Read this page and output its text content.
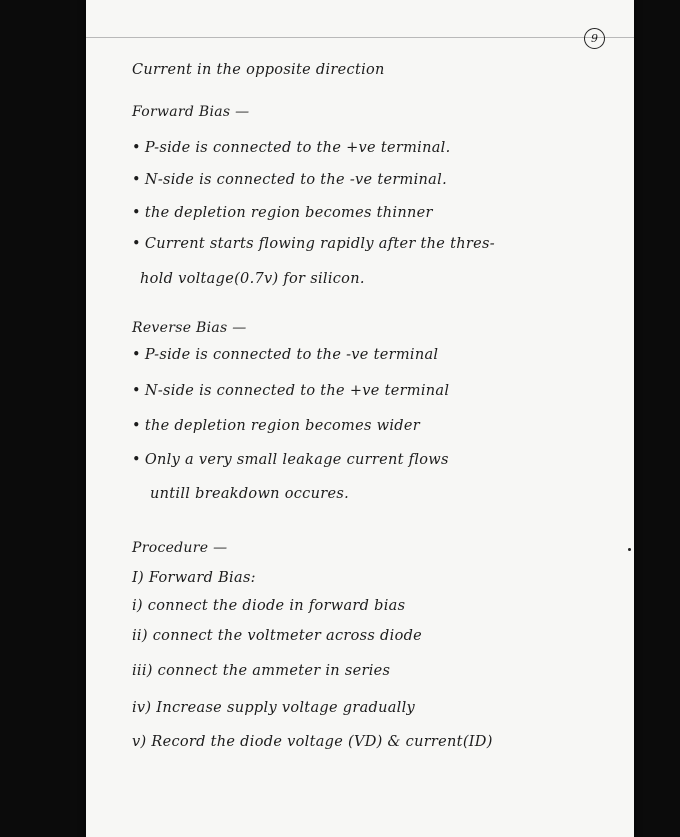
9
Current in the opposite direction
Forward Bias —
• P-side is connected to the +ve terminal.
• N-side is connected to the -ve terminal.
• the depletion region becomes thinner
• Current starts flowing rapidly after the thres-
hold voltage(0.7v) for silicon.
Reverse Bias —
• P-side is connected to the -ve terminal
• N-side is connected to the +ve terminal
• the depletion region becomes wider
• Only a very small leakage current flows
untill breakdown occures.
Procedure —
I) Forward Bias:
i) connect the diode in forward bias
ii) connect the voltmeter across diode
iii) connect the ammeter in series
iv) Increase supply voltage gradually
v) Record the diode voltage (VD) & current(ID)
